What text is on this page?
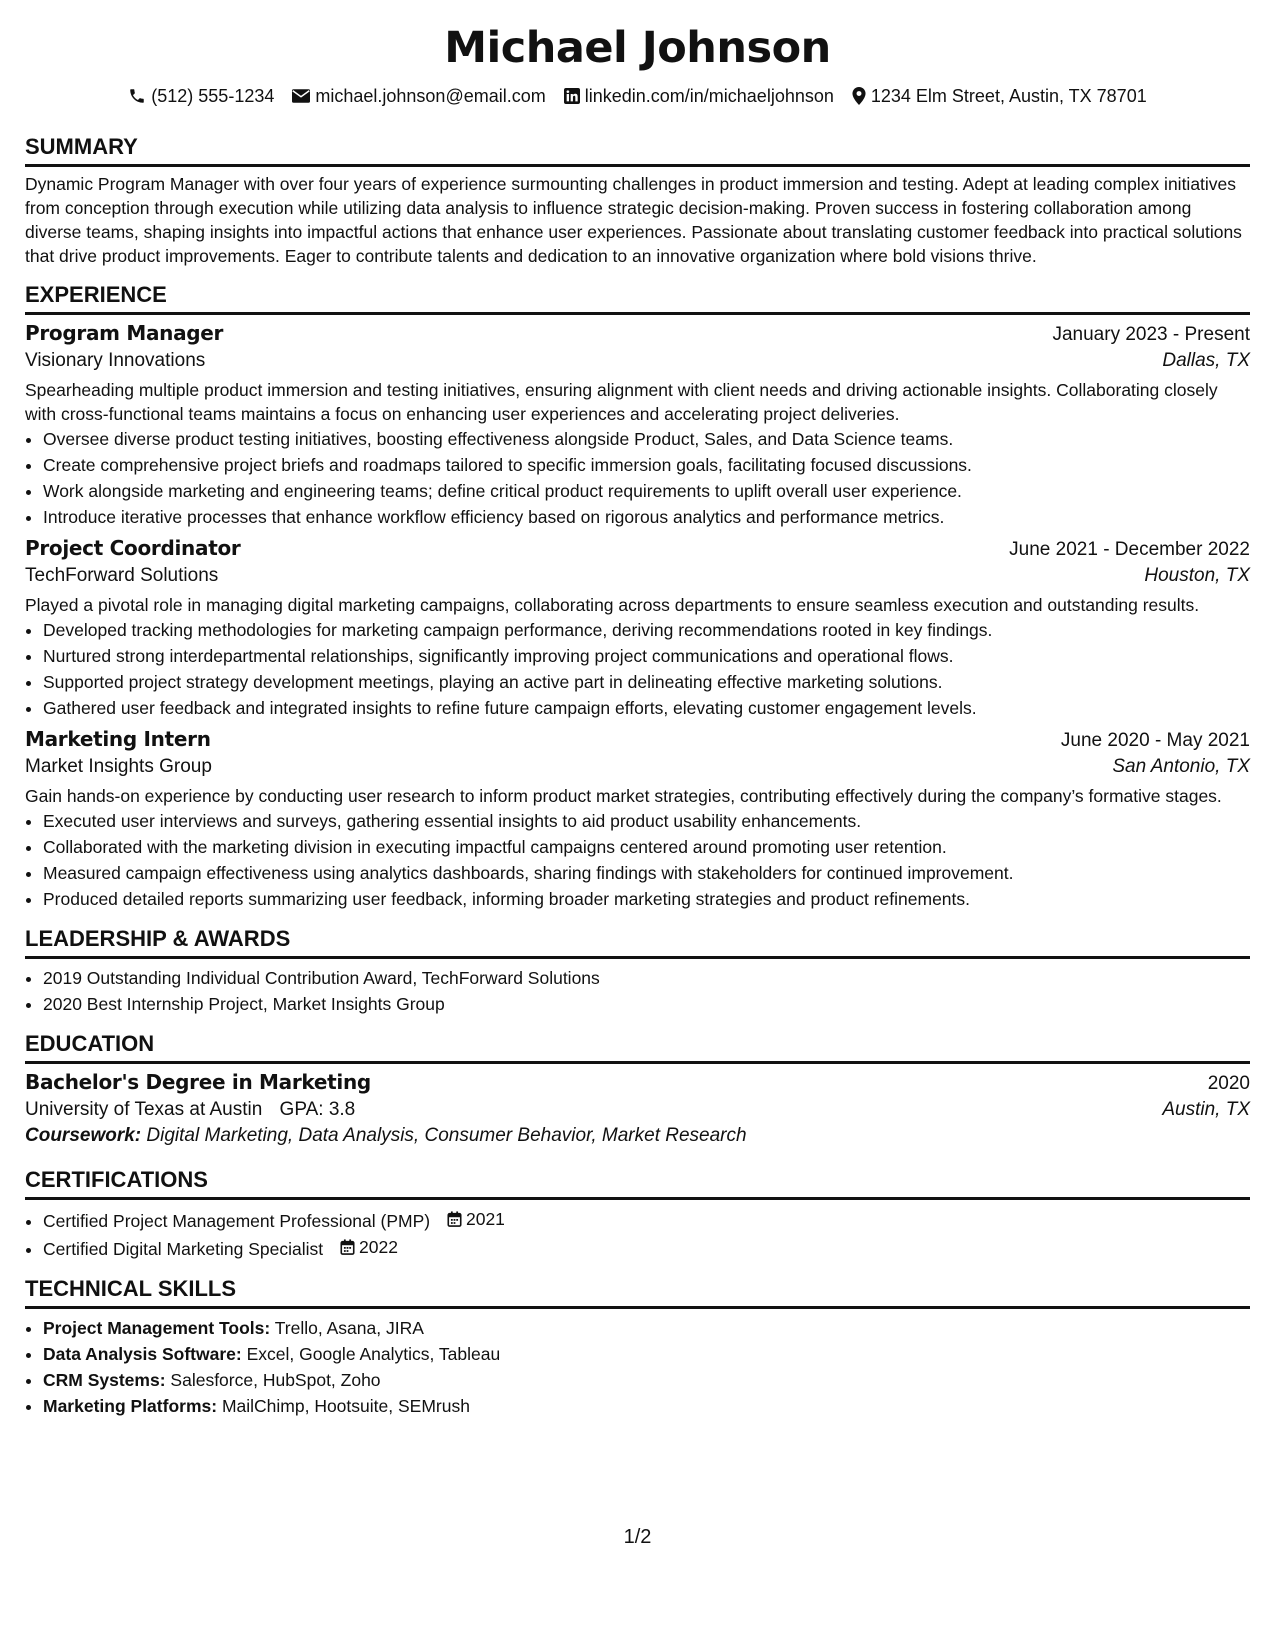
Michael Johnson
(512) 555-1234 michael.johnson@email.com linkedin.com/in/michaeljohnson 1234 Elm Street, Austin, TX 78701
SUMMARY
Dynamic Program Manager with over four years of experience surmounting challenges in product immersion and testing. Adept at leading complex initiatives from conception through execution while utilizing data analysis to influence strategic decision-making. Proven success in fostering collaboration among diverse teams, shaping insights into impactful actions that enhance user experiences. Passionate about translating customer feedback into practical solutions that drive product improvements. Eager to contribute talents and dedication to an innovative organization where bold visions thrive.
EXPERIENCE
Program Manager	January 2023 - Present
Visionary Innovations	Dallas, TX
Spearheading multiple product immersion and testing initiatives, ensuring alignment with client needs and driving actionable insights. Collaborating closely with cross-functional teams maintains a focus on enhancing user experiences and accelerating project deliveries.
• Oversee diverse product testing initiatives, boosting effectiveness alongside Product, Sales, and Data Science teams.
• Create comprehensive project briefs and roadmaps tailored to specific immersion goals, facilitating focused discussions.
• Work alongside marketing and engineering teams; define critical product requirements to uplift overall user experience.
• Introduce iterative processes that enhance workflow efficiency based on rigorous analytics and performance metrics.
Project Coordinator	June 2021 - December 2022
TechForward Solutions	Houston, TX
Played a pivotal role in managing digital marketing campaigns, collaborating across departments to ensure seamless execution and outstanding results.
• Developed tracking methodologies for marketing campaign performance, deriving recommendations rooted in key findings.
• Nurtured strong interdepartmental relationships, significantly improving project communications and operational flows.
• Supported project strategy development meetings, playing an active part in delineating effective marketing solutions.
• Gathered user feedback and integrated insights to refine future campaign efforts, elevating customer engagement levels.
Marketing Intern	June 2020 - May 2021
Market Insights Group	San Antonio, TX
Gain hands-on experience by conducting user research to inform product market strategies, contributing effectively during the company’s formative stages.
• Executed user interviews and surveys, gathering essential insights to aid product usability enhancements.
• Collaborated with the marketing division in executing impactful campaigns centered around promoting user retention.
• Measured campaign effectiveness using analytics dashboards, sharing findings with stakeholders for continued improvement.
• Produced detailed reports summarizing user feedback, informing broader marketing strategies and product refinements.
LEADERSHIP & AWARDS
• 2019 Outstanding Individual Contribution Award, TechForward Solutions
• 2020 Best Internship Project, Market Insights Group
EDUCATION
Bachelor's Degree in Marketing	2020
University of Texas at Austin GPA: 3.8	Austin, TX
Coursework: Digital Marketing, Data Analysis, Consumer Behavior, Market Research
CERTIFICATIONS
• Certified Project Management Professional (PMP) 2021
• Certified Digital Marketing Specialist 2022
TECHNICAL SKILLS
• Project Management Tools: Trello, Asana, JIRA
• Data Analysis Software: Excel, Google Analytics, Tableau
• CRM Systems: Salesforce, HubSpot, Zoho
• Marketing Platforms: MailChimp, Hootsuite, SEMrush
1/2
